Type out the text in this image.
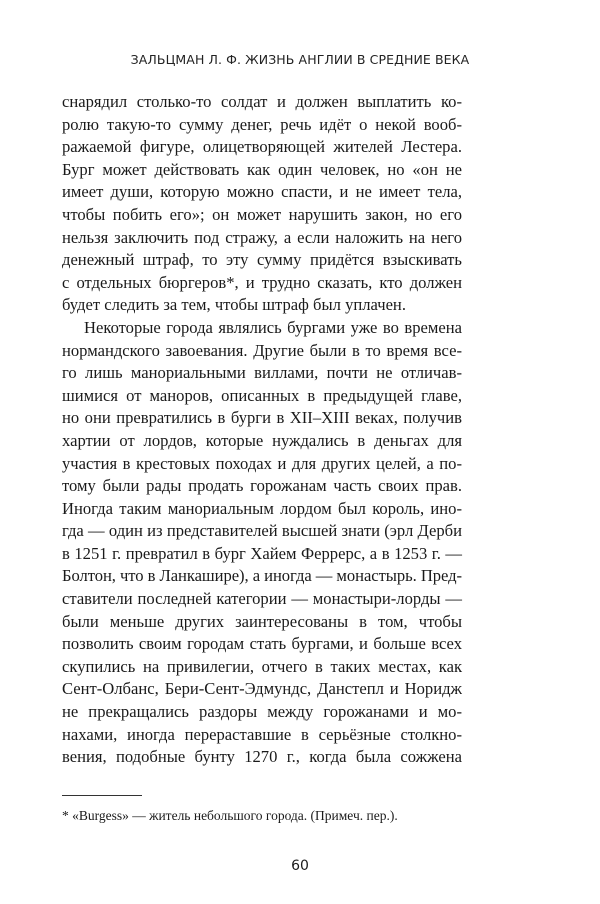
ЗАЛЬЦМАН Л. Ф. ЖИЗНЬ АНГЛИИ В СРЕДНИЕ ВЕКА
снарядил столько-то солдат и должен выплатить ко-
ролю такую-то сумму денег, речь идёт о некой вооб-
ражаемой фигуре, олицетворяющей жителей Лестера.
Бург может действовать как один человек, но «он не
имеет души, которую можно спасти, и не имеет тела,
чтобы побить его»; он может нарушить закон, но его
нельзя заключить под стражу, а если наложить на него
денежный штраф, то эту сумму придётся взыскивать
с отдельных бюргеров*, и трудно сказать, кто должен
будет следить за тем, чтобы штраф был уплачен.
Некоторые города являлись бургами уже во времена
нормандского завоевания. Другие были в то время все-
го лишь манориальными виллами, почти не отличав-
шимися от маноров, описанных в предыдущей главе,
но они превратились в бурги в XII–XIII веках, получив
хартии от лордов, которые нуждались в деньгах для
участия в крестовых походах и для других целей, а по-
тому были рады продать горожанам часть своих прав.
Иногда таким манориальным лордом был король, ино-
гда — один из представителей высшей знати (эрл Дерби
в 1251 г. превратил в бург Хайем Феррерс, а в 1253 г. —
Болтон, что в Ланкашире), а иногда — монастырь. Пред-
ставители последней категории — монастыри-лорды —
были меньше других заинтересованы в том, чтобы
позволить своим городам стать бургами, и больше всех
скупились на привилегии, отчего в таких местах, как
Сент-Олбанс, Бери-Сент-Эдмундс, Данстепл и Норидж
не прекращались раздоры между горожанами и мо-
нахами, иногда перераставшие в серьёзные столкно-
вения, подобные бунту 1270 г., когда была сожжена
* «Burgess» — житель небольшого города. (Примеч. пер.).
60
